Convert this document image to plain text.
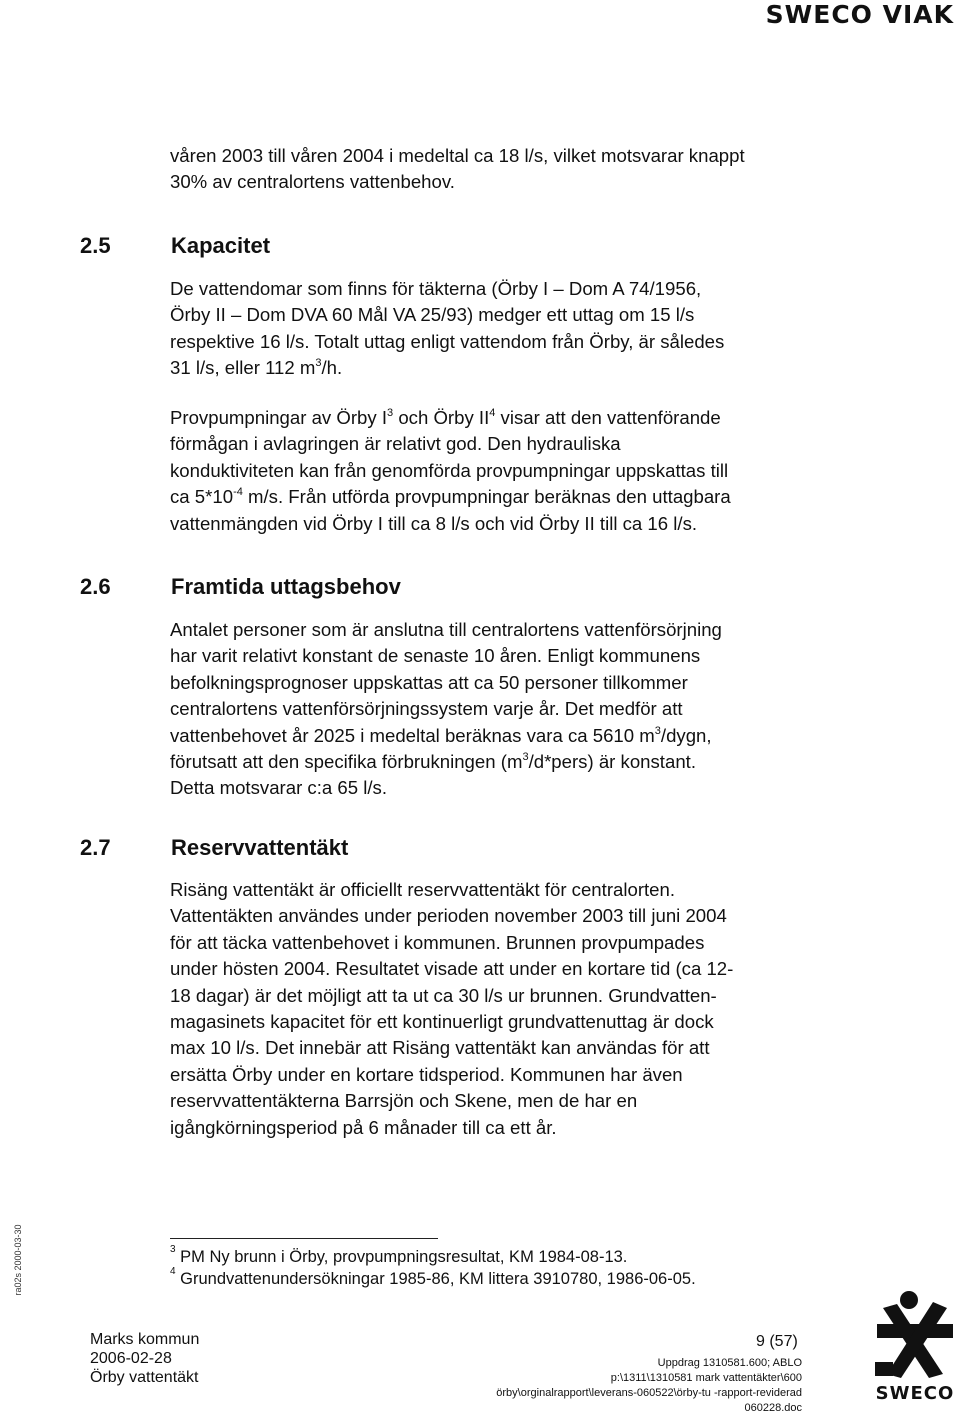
SWECO VIAK

våren 2003 till våren 2004 i medeltal ca 18 l/s, vilket motsvarar knappt
30% av centralortens vattenbehov.

2.5	Kapacitet

De vattendomar som finns för täkterna (Örby I – Dom A 74/1956,
Örby II – Dom DVA 60 Mål VA 25/93) medger ett uttag om 15 l/s
respektive 16 l/s. Totalt uttag enligt vattendom från Örby, är således
31 l/s, eller 112 $m^3/h$.

Provpumpningar av Örby $I^3$ och Örby $II^4$ visar att den vattenförande
förmågan i avlagringen är relativt god. Den hydrauliska
konduktiviteten kan från genomförda provpumpningar uppskattas till
ca $5*10^{-4}$ m/s. Från utförda provpumpningar beräknas den uttagbara
vattenmängden vid Örby I till ca 8 l/s och vid Örby II till ca 16 l/s.

2.6	Framtida uttagsbehov

Antalet personer som är anslutna till centralortens vattenförsörjning
har varit relativt konstant de senaste 10 åren. Enligt kommunens
befolkningsprognoser uppskattas att ca 50 personer tillkommer
centralortens vattenförsörjningssystem varje år. Det medför att
vattenbehovet år 2025 i medeltal beräknas vara ca 5610 $m^3$/dygn,
förutsatt att den specifika förbrukningen $(m^3/d*pers)$ är konstant.
Detta motsvarar c:a 65 l/s.

2.7	Reservvattentäkt

Risäng vattentäkt är officiellt reservvattentäkt för centralorten.
Vattentäkten användes under perioden november 2003 till juni 2004
för att täcka vattenbehovet i kommunen. Brunnen provpumpades
under hösten 2004. Resultatet visade att under en kortare tid (ca 12-
18 dagar) är det möjligt att ta ut ca 30 l/s ur brunnen. Grundvatten-
magasinets kapacitet för ett kontinuerligt grundvattenuttag är dock
max 10 l/s. Det innebär att Risäng vattentäkt kan användas för att
ersätta Örby under en kortare tidsperiod. Kommunen har även
reservvattentäkterna Barrsjön och Skene, men de har en
igångkörningsperiod på 6 månader till ca ett år.

$^3$ PM Ny brunn i Örby, provpumpningsresultat, KM 1984-08-13.
$^4$ Grundvattenundersökningar 1985-86, KM littera 3910780, 1986-06-05.
ra02s 2000-03-30
Marks kommun
2006-02-28
Örby vattentäkt
9 (57)
Uppdrag 1310581.600; ABLO
p:\1311\1310581 mark vattentäkter\600
örby\orginalrapport\leverans-060522\örby-tu -rapport-reviderad
060228.doc
SWECO
